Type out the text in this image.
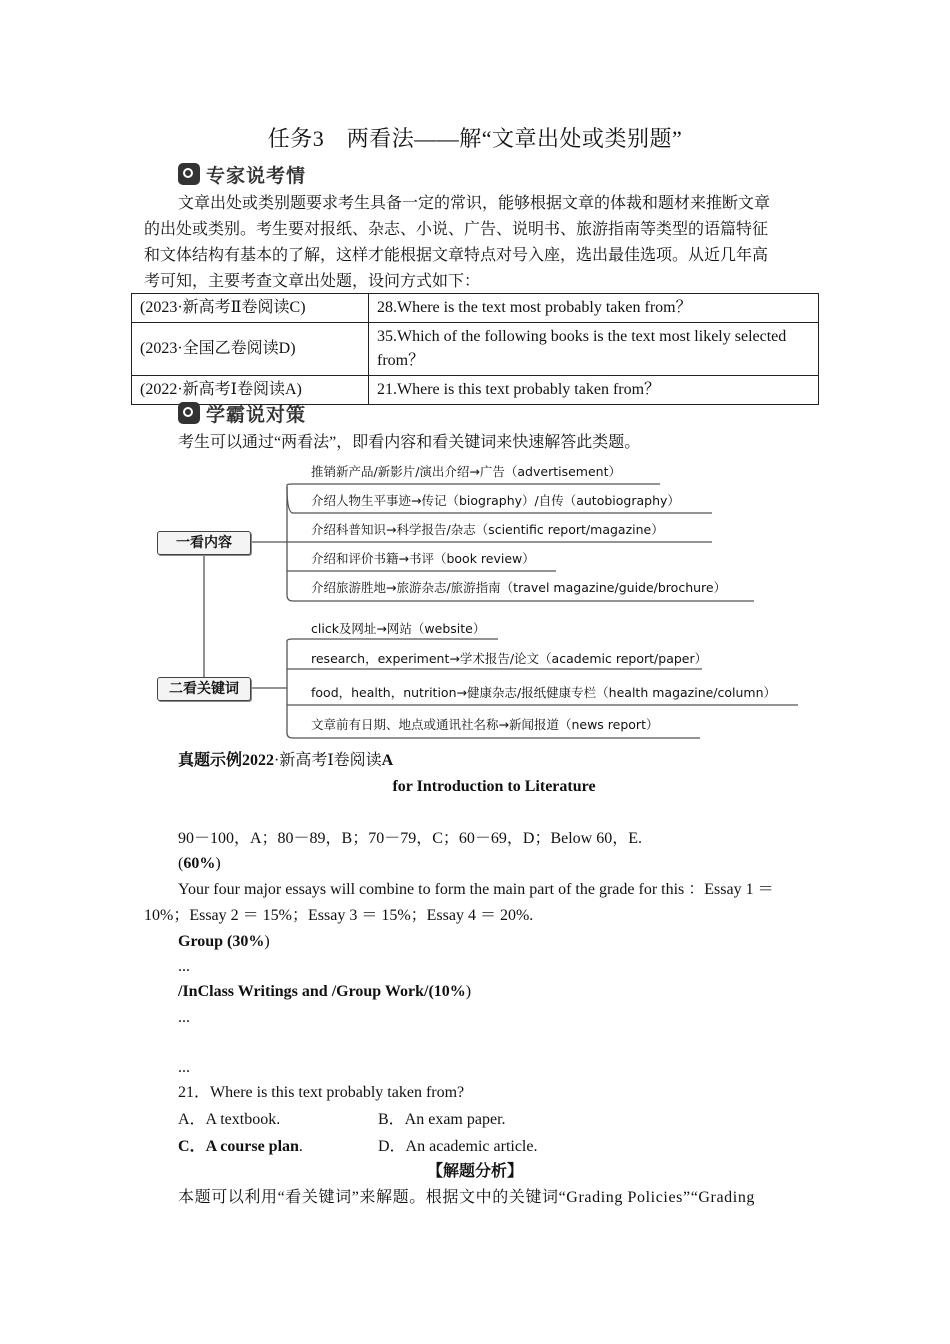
任务3　两看法——解“文章出处或类别题”
专家说考情
文章出处或类别题要求考生具备一定的常识，能够根据文章的体裁和题材来推断文章
的出处或类别。考生要对报纸、杂志、小说、广告、说明书、旅游指南等类型的语篇特征
和文体结构有基本的了解，这样才能根据文章特点对号入座，选出最佳选项。从近几年高
考可知，主要考查文章出处题，设问方式如下：
(2023·新高考Ⅱ卷阅读C)	28.Where is the text most probably taken from？
(2023·全国乙卷阅读D)	35.Which of the following books is the text most likely selected
from？
(2022·新高考Ⅰ卷阅读A)	21.Where is this text probably taken from？
学霸说对策
考生可以通过“两看法”，即看内容和看关键词来快速解答此类题。
一看内容
二看关键词
推销新产品/新影片/演出介绍→广告（advertisement）
介绍人物生平事迹→传记（biography）/自传（autobiography）
介绍科普知识→科学报告/杂志（scientific report/magazine）
介绍和评价书籍→书评（book review）
介绍旅游胜地→旅游杂志/旅游指南（travel magazine/guide/brochure）
click及网址→网站（website）
research，experiment→学术报告/论文（academic report/paper）
food，health，nutrition→健康杂志/报纸健康专栏（health magazine/column）
文章前有日期、地点或通讯社名称→新闻报道（news report）
真题示例2022·新高考Ⅰ卷阅读A
for Introduction to Literature
90－100，A；80－89，B；70－79，C；60－69，D；Below 60，E.
(60%)
Your four major essays will combine to form the main part of the grade for this ：Essay 1 ＝
10%；Essay 2 ＝ 15%；Essay 3 ＝ 15%；Essay 4 ＝ 20%.
Group (30%)
...
/InClass Writings and /Group Work/(10%)
...
...
21．Where is this text probably taken from?
A．A textbook.	B．An exam paper.
C．A course plan.	D．An academic article.
【解题分析】
本题可以利用“看关键词”来解题。根据文中的关键词“Grading Policies”“Grading
